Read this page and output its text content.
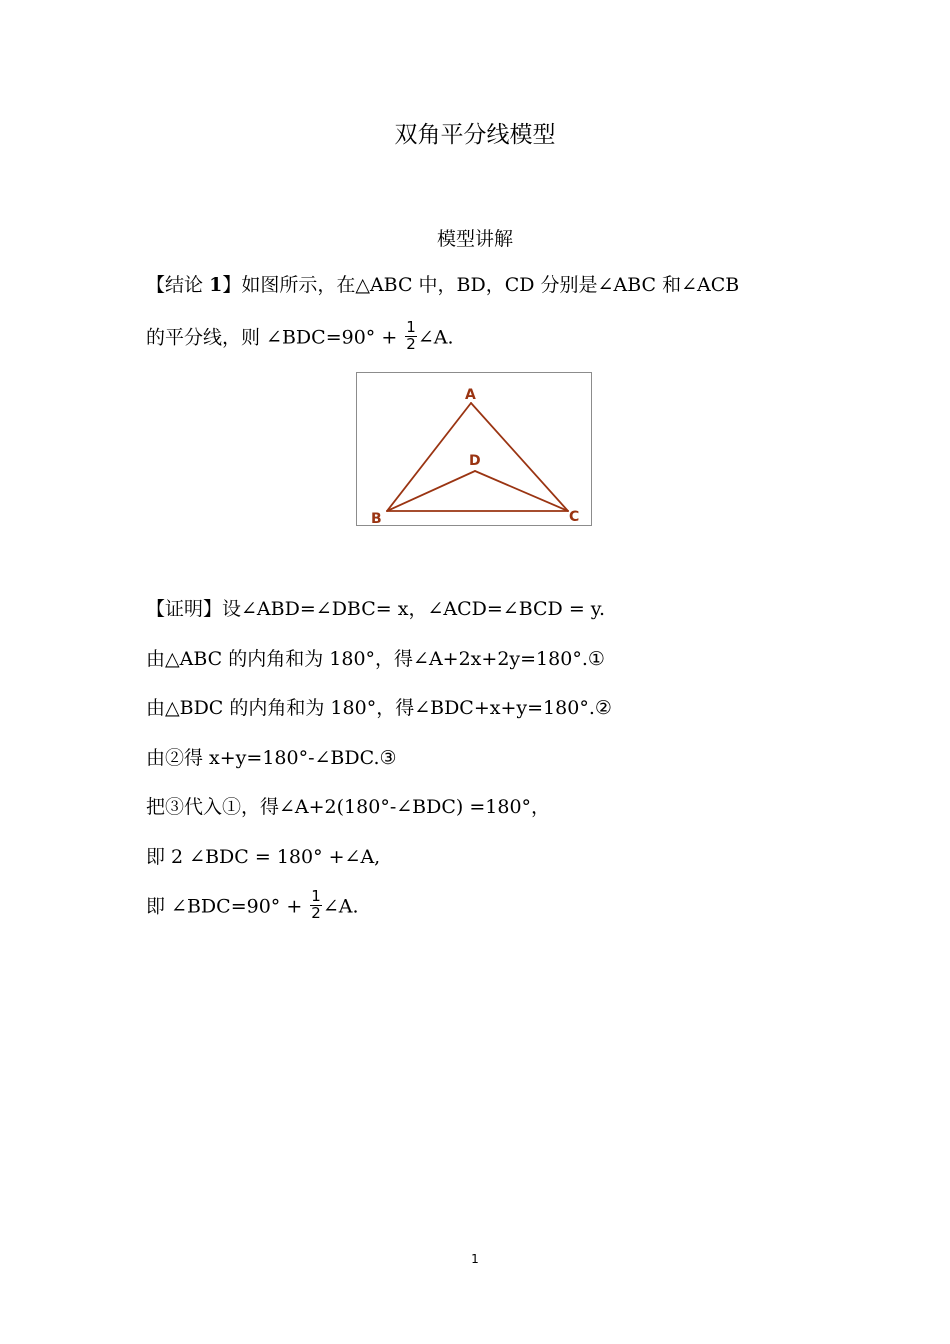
双角平分线模型
模型讲解
【结论 1】如图所示，在△ABC 中，BD，CD 分别是∠ABC 和∠ACB
的平分线，则 ∠BDC=90° + $\frac{1}{2}$ ∠A.
A
D
B	C
【证明】设∠ABD=∠DBC= x，∠ACD=∠BCD = y.
由△ABC 的内角和为 180°，得∠A+2x+2y=180°.①
由△BDC 的内角和为 180°，得∠BDC+x+y=180°.②
由②得 x+y=180°-∠BDC.③
把③代入①，得∠A+2(180°-∠BDC) =180°，
即 2 ∠BDC = 180° +∠A,
即 ∠BDC=90° + $\frac{1}{2}$ ∠A.
1
